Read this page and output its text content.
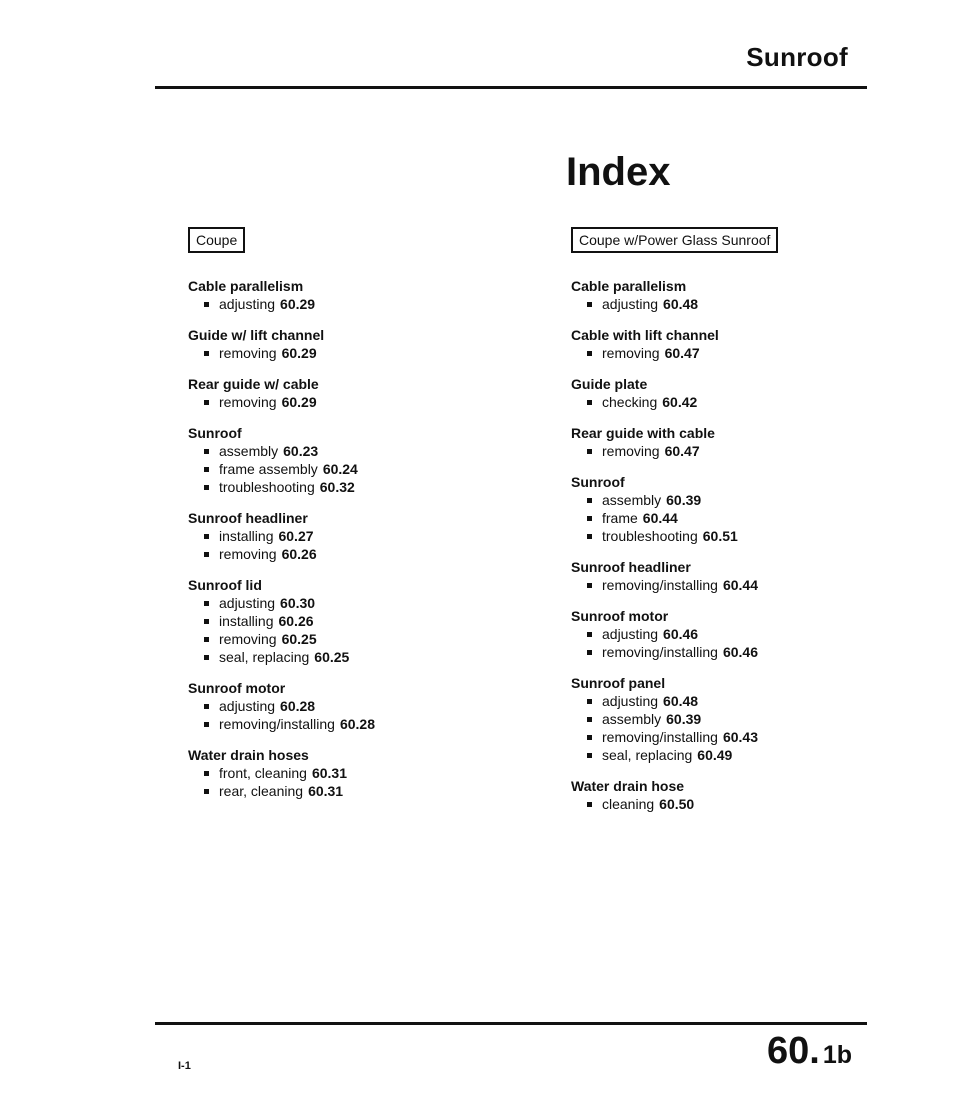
Sunroof
Index
Coupe
Cable parallelism
adjusting 60.29
Guide w/ lift channel
removing 60.29
Rear guide w/ cable
removing 60.29
Sunroof
assembly 60.23
frame assembly 60.24
troubleshooting 60.32
Sunroof headliner
installing 60.27
removing 60.26
Sunroof lid
adjusting 60.30
installing 60.26
removing 60.25
seal, replacing 60.25
Sunroof motor
adjusting 60.28
removing/installing 60.28
Water drain hoses
front, cleaning 60.31
rear, cleaning 60.31
Coupe w/Power Glass Sunroof
Cable parallelism
adjusting 60.48
Cable with lift channel
removing 60.47
Guide plate
checking 60.42
Rear guide with cable
removing 60.47
Sunroof
assembly 60.39
frame 60.44
troubleshooting 60.51
Sunroof headliner
removing/installing 60.44
Sunroof motor
adjusting 60.46
removing/installing 60.46
Sunroof panel
adjusting 60.48
assembly 60.39
removing/installing 60.43
seal, replacing 60.49
Water drain hose
cleaning 60.50
I-1	60. 1b
